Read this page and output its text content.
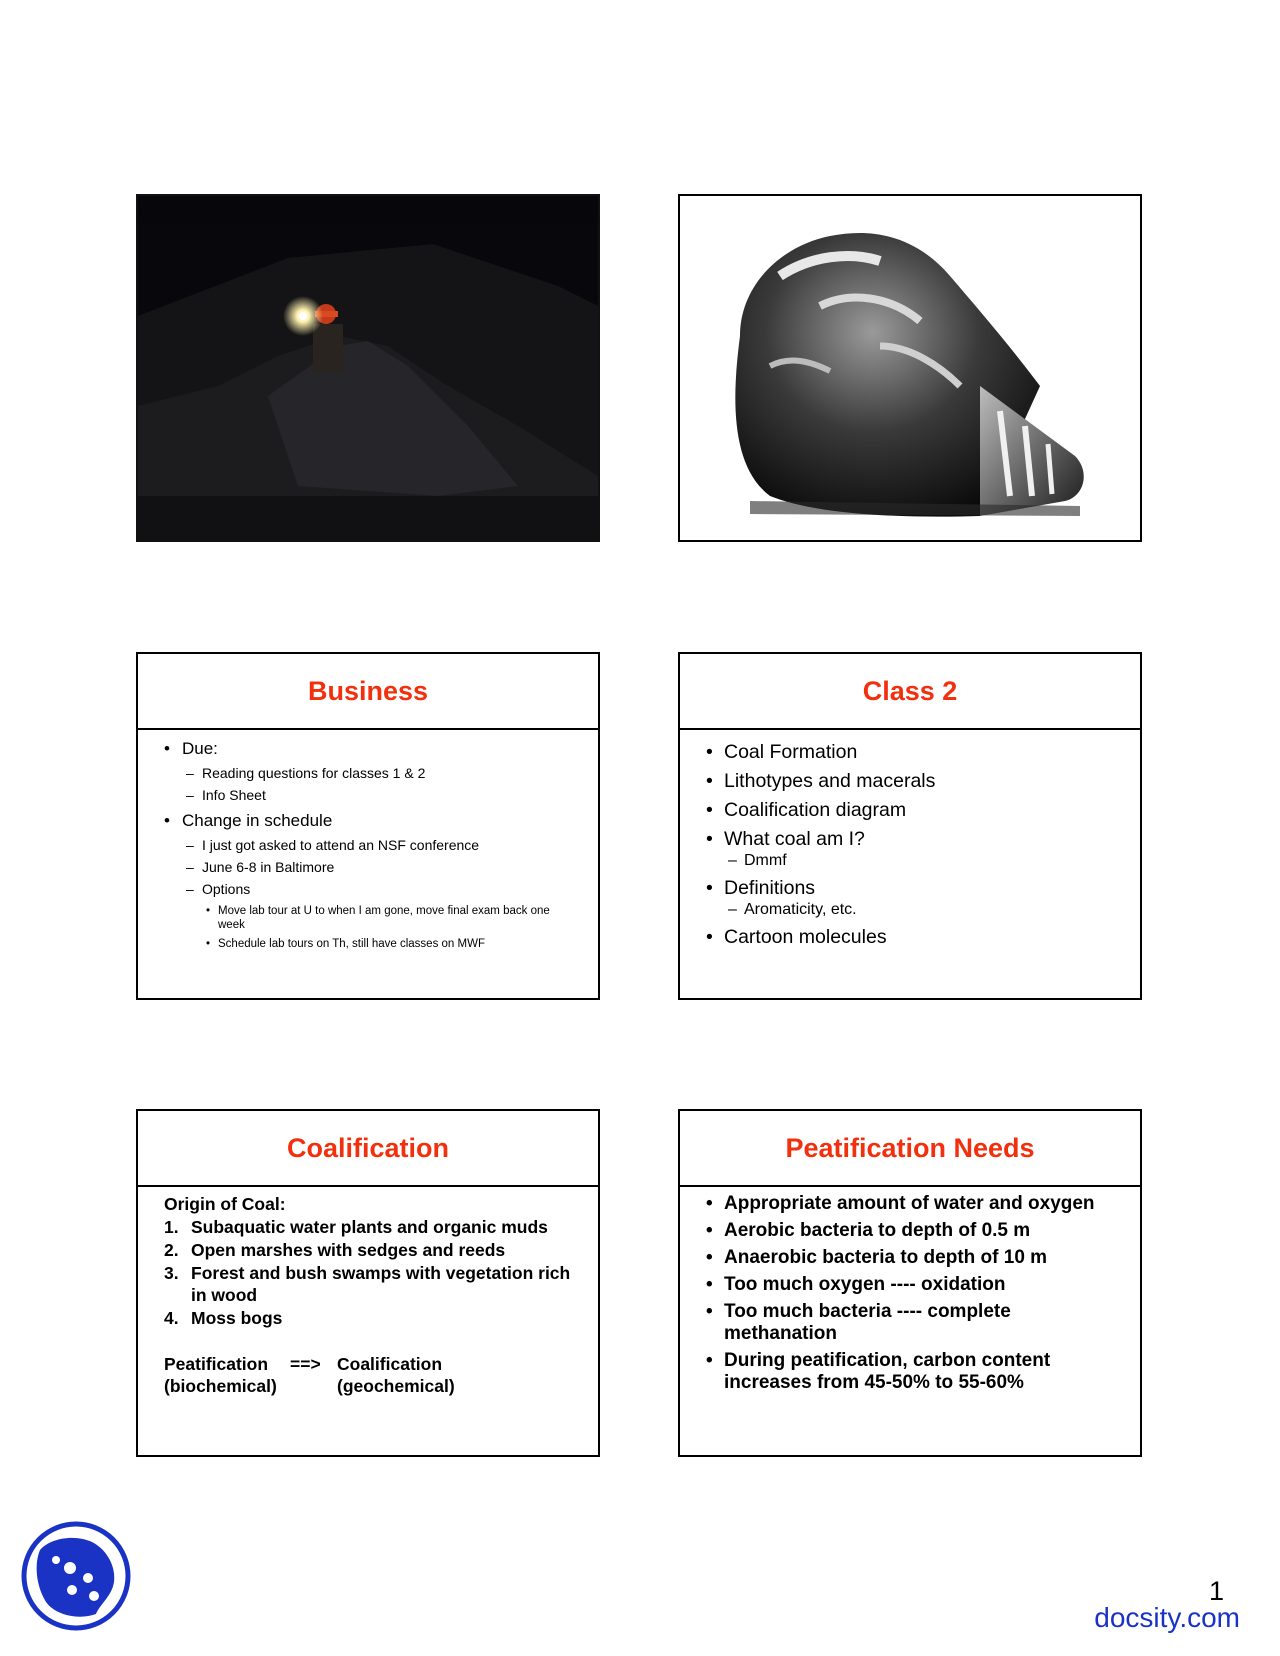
Business
• Due:
– Reading questions for classes 1 & 2
– Info Sheet
• Change in schedule
– I just got asked to attend an NSF conference
– June 6-8 in Baltimore
– Options
• Move lab tour at U to when I am gone, move final exam back one week
• Schedule lab tours on Th, still have classes on MWF
Class 2
• Coal Formation
• Lithotypes and macerals
• Coalification diagram
• What coal am I?
– Dmmf
• Definitions
– Aromaticity, etc.
• Cartoon molecules
Coalification
Origin of Coal:
1. Subaquatic water plants and organic muds
2. Open marshes with sedges and reeds
3. Forest and bush swamps with vegetation rich in wood
4. Moss bogs
Peatification	==> Coalification
(biochemical)	(geochemical)
Peatification Needs
• Appropriate amount of water and oxygen
• Aerobic bacteria to depth of 0.5 m
• Anaerobic bacteria to depth of 10 m
• Too much oxygen ---- oxidation
• Too much bacteria ---- complete methanation
• During peatification, carbon content increases from 45-50% to 55-60%
1
docsity.com
